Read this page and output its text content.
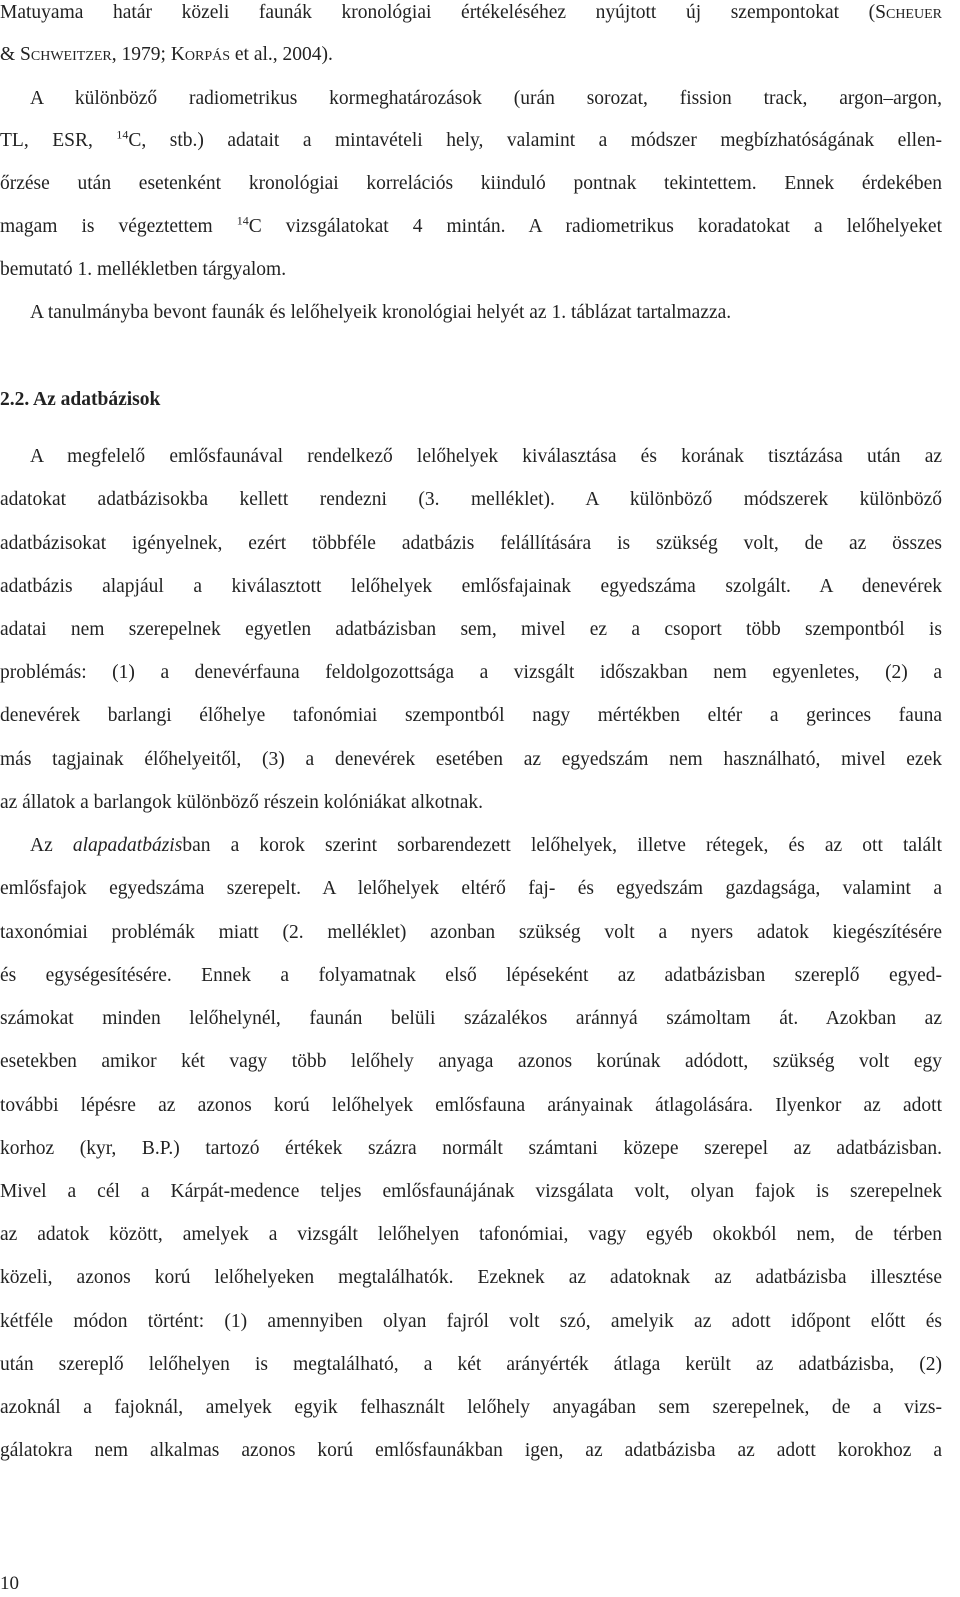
Matuyama határ közeli faunák kronológiai értékeléséhez nyújtott új szempontokat (Scheuer
& Schweitzer, 1979; Korpás et al., 2004).
A különböző radiometrikus kormeghatározások (urán sorozat, fission track, argon–argon,
TL, ESR, $^{14}$C, stb.) adatait a mintavételi hely, valamint a módszer megbízhatóságának ellen-
őrzése után esetenként kronológiai korrelációs kiinduló pontnak tekintettem. Ennek érdekében
magam is végeztettem $^{14}$C vizsgálatokat 4 mintán. A radiometrikus koradatokat a lelőhelyeket
bemutató 1. mellékletben tárgyalom.
A tanulmányba bevont faunák és lelőhelyeik kronológiai helyét az 1. táblázat tartalmazza.
2.2. Az adatbázisok
A megfelelő emlősfaunával rendelkező lelőhelyek kiválasztása és korának tisztázása után az
adatokat adatbázisokba kellett rendezni (3. melléklet). A különböző módszerek különböző
adatbázisokat igényelnek, ezért többféle adatbázis felállítására is szükség volt, de az összes
adatbázis alapjául a kiválasztott lelőhelyek emlősfajainak egyedszáma szolgált. A denevérek
adatai nem szerepelnek egyetlen adatbázisban sem, mivel ez a csoport több szempontból is
problémás: (1) a denevérfauna feldolgozottsága a vizsgált időszakban nem egyenletes, (2) a
denevérek barlangi élőhelye tafonómiai szempontból nagy mértékben eltér a gerinces fauna
más tagjainak élőhelyeitől, (3) a denevérek esetében az egyedszám nem használható, mivel ezek
az állatok a barlangok különböző részein kolóniákat alkotnak.
Az alapadatbázisban a korok szerint sorbarendezett lelőhelyek, illetve rétegek, és az ott talált
emlősfajok egyedszáma szerepelt. A lelőhelyek eltérő faj- és egyedszám gazdagsága, valamint a
taxonómiai problémák miatt (2. melléklet) azonban szükség volt a nyers adatok kiegészítésére
és egységesítésére. Ennek a folyamatnak első lépéseként az adatbázisban szereplő egyed-
számokat minden lelőhelynél, faunán belüli százalékos aránnyá számoltam át. Azokban az
esetekben amikor két vagy több lelőhely anyaga azonos korúnak adódott, szükség volt egy
további lépésre az azonos korú lelőhelyek emlősfauna arányainak átlagolására. Ilyenkor az adott
korhoz (kyr, B.P.) tartozó értékek százra normált számtani közepe szerepel az adatbázisban.
Mivel a cél a Kárpát-medence teljes emlősfaunájának vizsgálata volt, olyan fajok is szerepelnek
az adatok között, amelyek a vizsgált lelőhelyen tafonómiai, vagy egyéb okokból nem, de térben
közeli, azonos korú lelőhelyeken megtalálhatók. Ezeknek az adatoknak az adatbázisba illesztése
kétféle módon történt: (1) amennyiben olyan fajról volt szó, amelyik az adott időpont előtt és
után szereplő lelőhelyen is megtalálható, a két arányérték átlaga került az adatbázisba, (2)
azoknál a fajoknál, amelyek egyik felhasznált lelőhely anyagában sem szerepelnek, de a vizs-
gálatokra nem alkalmas azonos korú emlősfaunákban igen, az adatbázisba az adott korokhoz a
10
